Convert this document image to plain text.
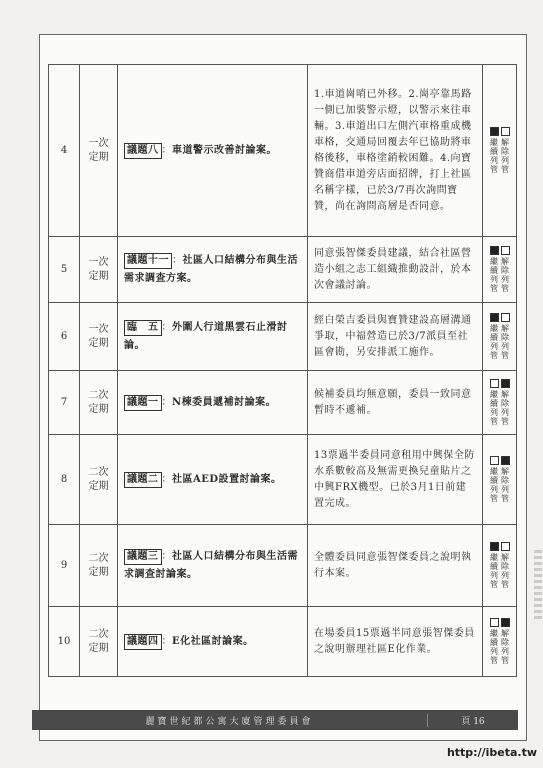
4	一次
定期	議題八 ：車道警示改善討論案。	1.車道崗哨已外移。2.崗亭靠馬路一側已加裝警示燈，以警示來往車輛。3.車道出口左側汽車格重成機車格，交通局回覆去年已協助將車格後移，車格塗銷較困難。4.向寶贊商借車道旁店面招牌，打上社區名稱字樣，已於3/7再次詢問寶贊，尚在詢問高層是否同意。	繼續列管 解除列管

5	一次
定期	議題十一 ：社區人口結構分布與生活需求調查方案。	同意張智傑委員建議，結合社區營造小組之志工組織推動設計，於本次會議討論。	繼續列管 解除列管

6	一次
定期	臨　五 ：外圍人行道黑雲石止滑討論。	經白榮吉委員與寶贊建設高層溝通爭取，中福營造已於3/7派員至社區會勘，另安排派工施作。	繼續列管 解除列管

7	二次
定期	議題一 ：N棟委員遞補討論案。	候補委員均無意願，委員一致同意暫時不遞補。	繼續列管 解除列管

8	二次
定期	議題二 ：社區AED設置討論案。	13票過半委員同意租用中興保全防水系數較高及無需更換兒童貼片之中興FRX機型。已於3月1日前建置完成。	繼續列管 解除列管

9	二次
定期	議題三 ：社區人口結構分布與生活需求調查討論案。	全體委員同意張智傑委員之說明執行本案。	繼續列管 解除列管

10	二次
定期	議題四 ：E化社區討論案。	在場委員15票過半同意張智傑委員之說明辦理社區E化作業。	繼續列管 解除列管
麗寶世紀都公寓大廈管理委員會	頁 16
http://ibeta.tw
